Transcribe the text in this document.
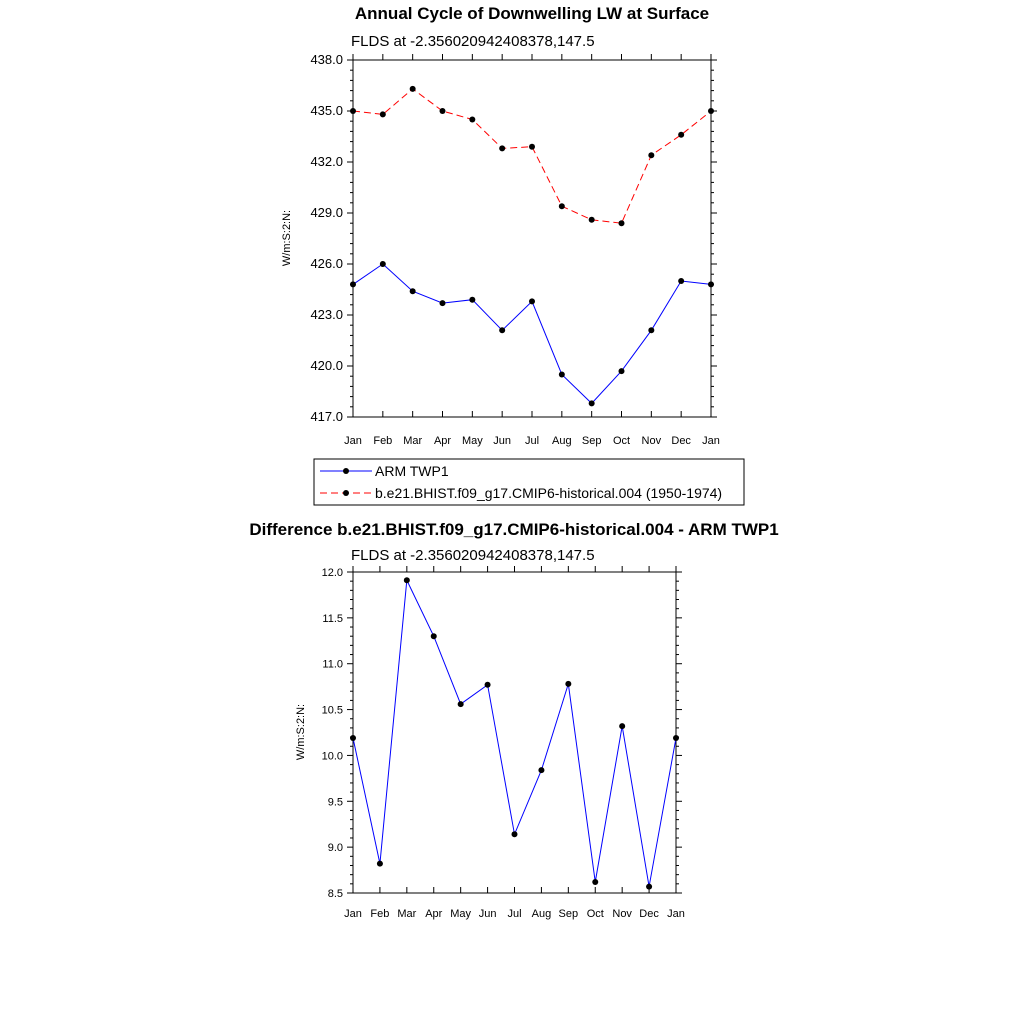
Annual Cycle of Downwelling LW at Surface
FLDS at -2.356020942408378,147.5
417.0
420.0
423.0
426.0
429.0
432.0
435.0
438.0
Jan Feb Mar Apr May Jun Jul Aug Sep Oct Nov Dec Jan
W/m:S:2:N:
ARM TWP1
b.e21.BHIST.f09_g17.CMIP6-historical.004 (1950-1974)
Difference b.e21.BHIST.f09_g17.CMIP6-historical.004 - ARM TWP1
FLDS at -2.356020942408378,147.5
8.5
9.0
9.5
10.0
10.5
11.0
11.5
12.0
Jan Feb Mar Apr May Jun Jul Aug Sep Oct Nov Dec Jan
W/m:S:2:N:
